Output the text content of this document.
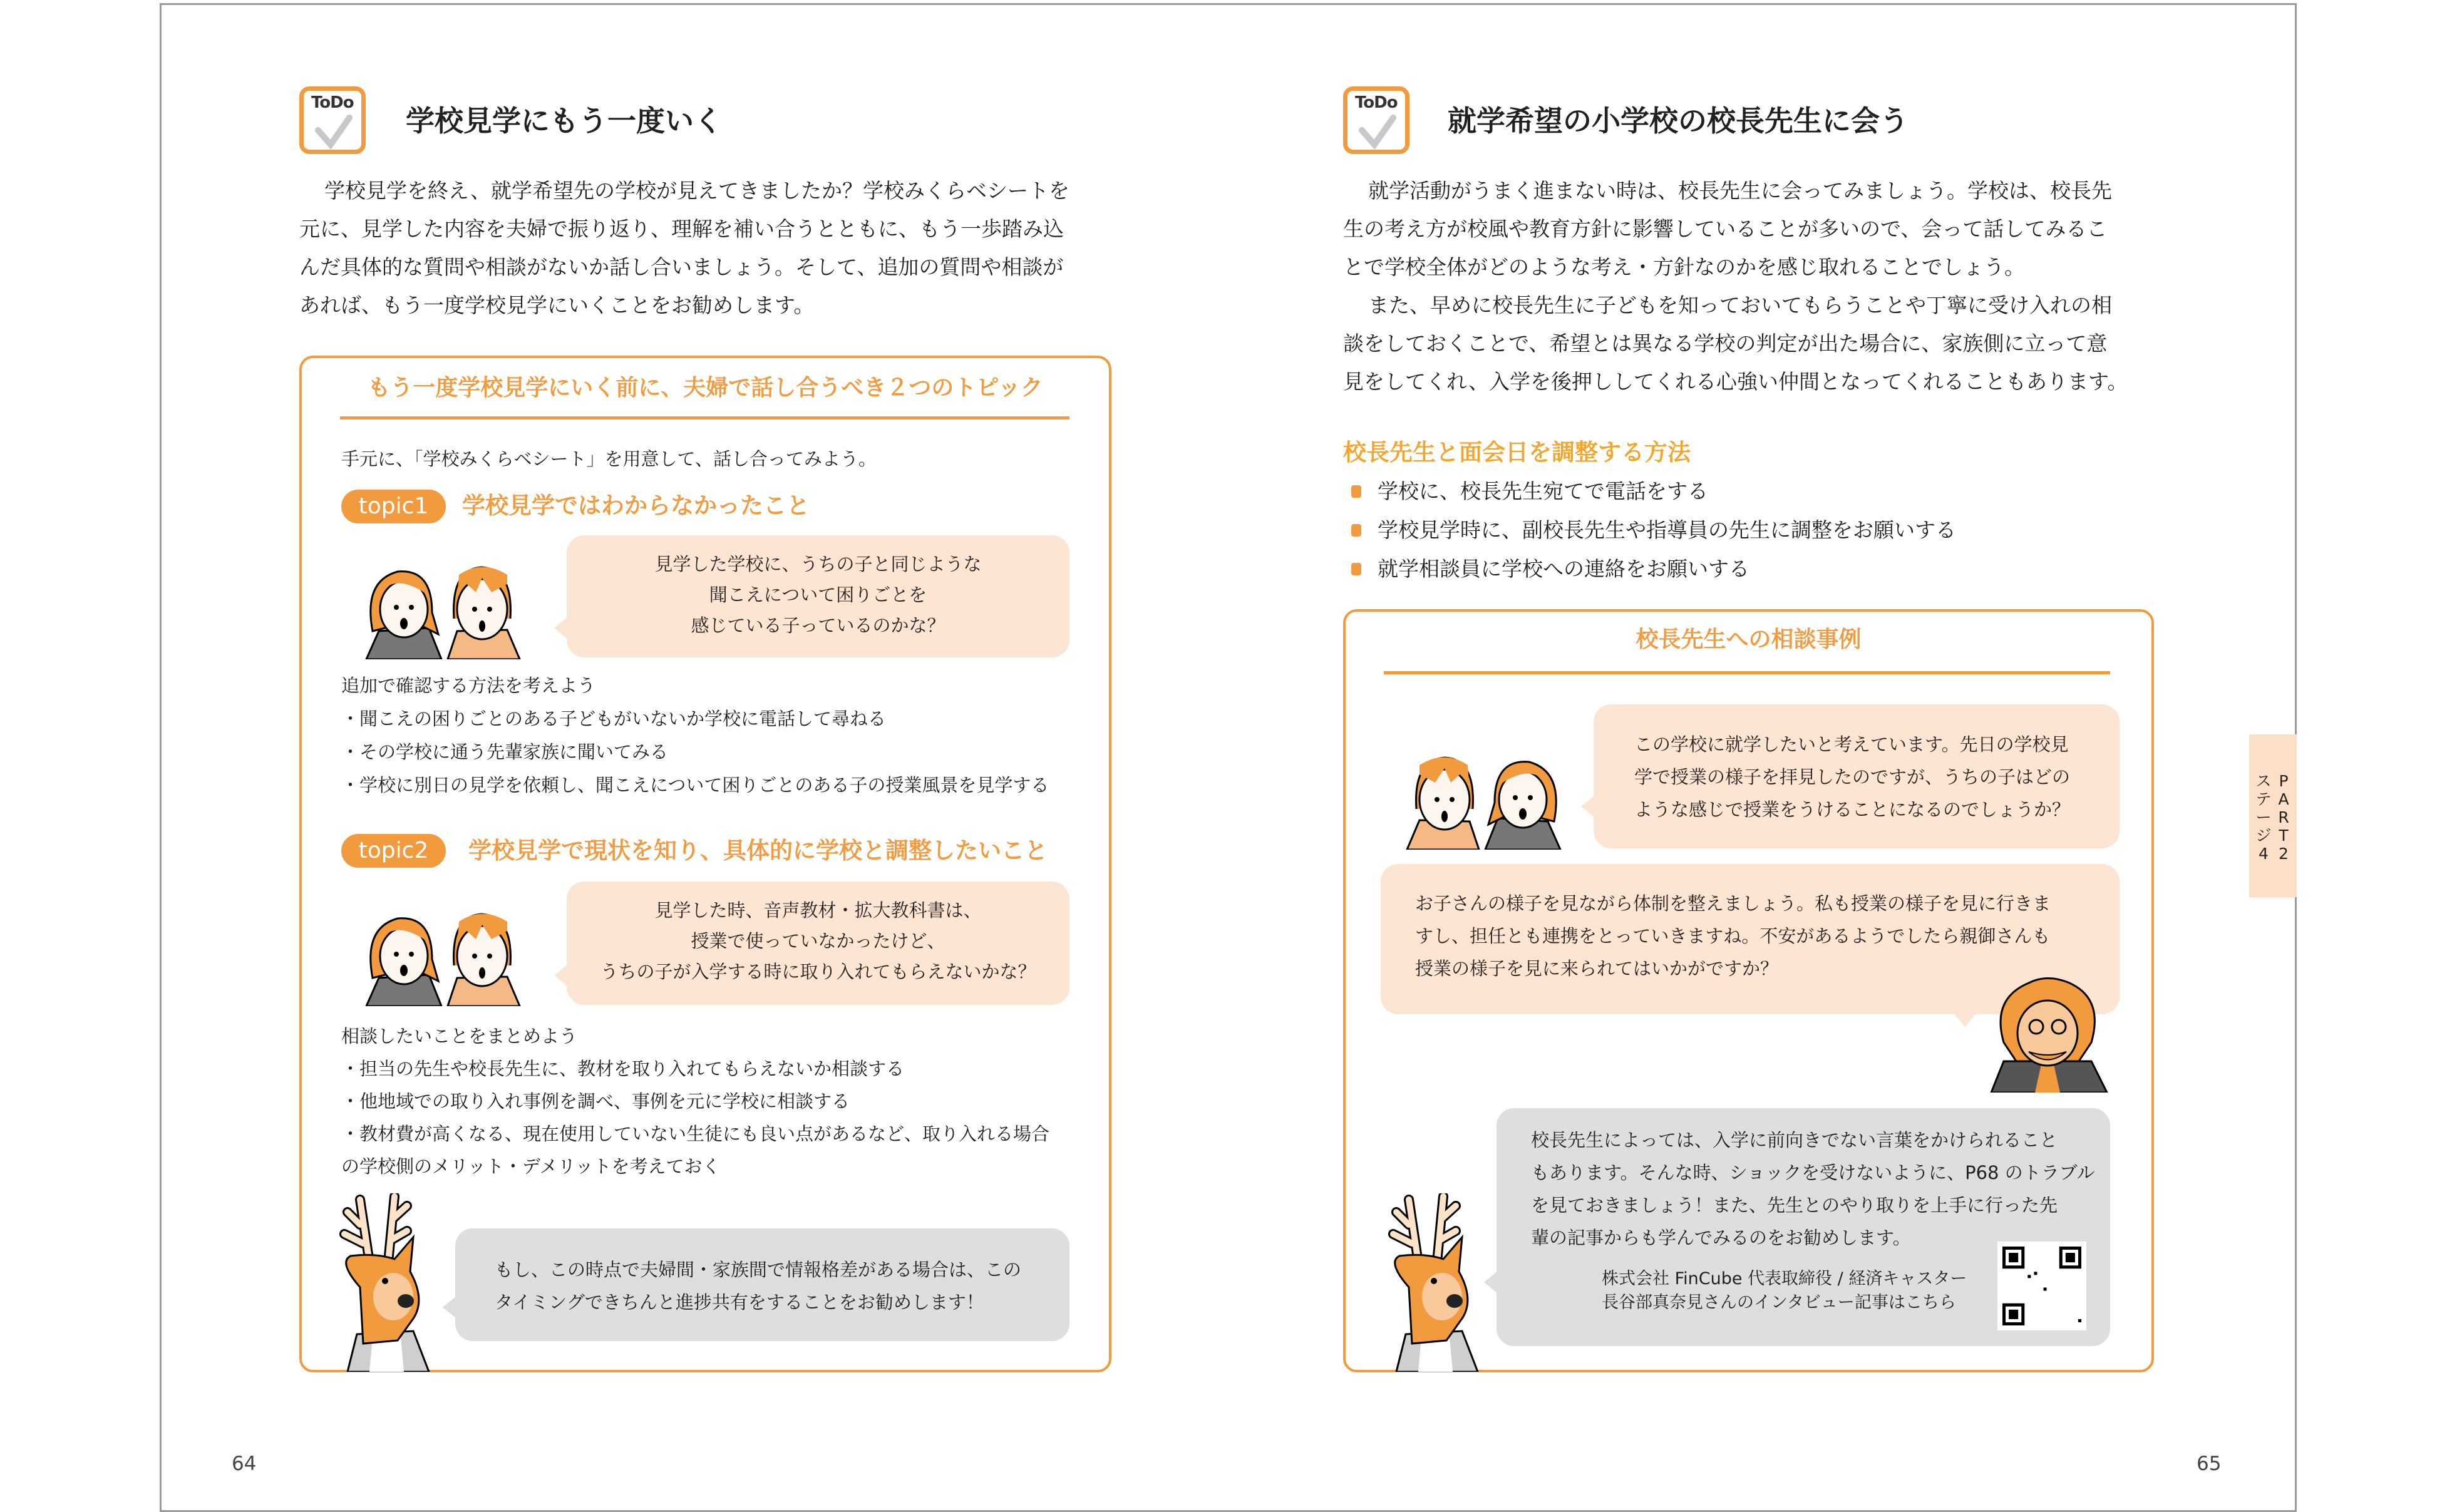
ToDo
学校見学にもう一度いく
学校見学を終え、就学希望先の学校が見えてきましたか？学校みくらベシートを
元に、見学した内容を夫婦で振り返り、理解を補い合うとともに、もう一歩踏み込
んだ具体的な質問や相談がないか話し合いましょう。そして、追加の質問や相談が
あれば、もう一度学校見学にいくことをお勧めします。
もう一度学校見学にいく前に、夫婦で話し合うべき２つのトピック
手元に、「学校みくらベシート」を用意して、話し合ってみよう。
topic1	学校見学ではわからなかったこと
見学した学校に、うちの子と同じような
聞こえについて困りごとを
感じている子っているのかな？
追加で確認する方法を考えよう
・聞こえの困りごとのある子どもがいないか学校に電話して尋ねる
・その学校に通う先輩家族に聞いてみる
・学校に別日の見学を依頼し、聞こえについて困りごとのある子の授業風景を見学する
topic2	学校見学で現状を知り、具体的に学校と調整したいこと
見学した時、音声教材・拡大教科書は、
授業で使っていなかったけど、
うちの子が入学する時に取り入れてもらえないかな？
相談したいことをまとめよう
・担当の先生や校長先生に、教材を取り入れてもらえないか相談する
・他地域での取り入れ事例を調べ、事例を元に学校に相談する
・教材費が高くなる、現在使用していない生徒にも良い点があるなど、取り入れる場合
の学校側のメリット・デメリットを考えておく
もし、この時点で夫婦間・家族間で情報格差がある場合は、この
タイミングできちんと進捗共有をすることをお勧めします！
64
ToDo
就学希望の小学校の校長先生に会う
就学活動がうまく進まない時は、校長先生に会ってみましょう。学校は、校長先
生の考え方が校風や教育方針に影響していることが多いので、会って話してみるこ
とで学校全体がどのような考え・方針なのかを感じ取れることでしょう。
また、早めに校長先生に子どもを知っておいてもらうことや丁寧に受け入れの相
談をしておくことで、希望とは異なる学校の判定が出た場合に、家族側に立って意
見をしてくれ、入学を後押ししてくれる心強い仲間となってくれることもあります。
校長先生と面会日を調整する方法
学校に、校長先生宛てで電話をする
学校見学時に、副校長先生や指導員の先生に調整をお願いする
就学相談員に学校への連絡をお願いする
校長先生への相談事例
この学校に就学したいと考えています。先日の学校見
学で授業の様子を拝見したのですが、うちの子はどの
ような感じで授業をうけることになるのでしょうか？
お子さんの様子を見ながら体制を整えましょう。私も授業の様子を見に行きま
すし、担任とも連携をとっていきますね。不安があるようでしたら親御さんも
授業の様子を見に来られてはいかがですか？
校長先生によっては、入学に前向きでない言葉をかけられること
もあります。そんな時、ショックを受けないように、P68 のトラブル
を見ておきましょう！また、先生とのやり取りを上手に行った先
輩の記事からも学んでみるのをお勧めします。
株式会社 FinCube 代表取締役 / 経済キャスター
長谷部真奈見さんのインタビュー記事はこちら
P
A
R
T
2
ス
テ
ー
ジ
4
65
